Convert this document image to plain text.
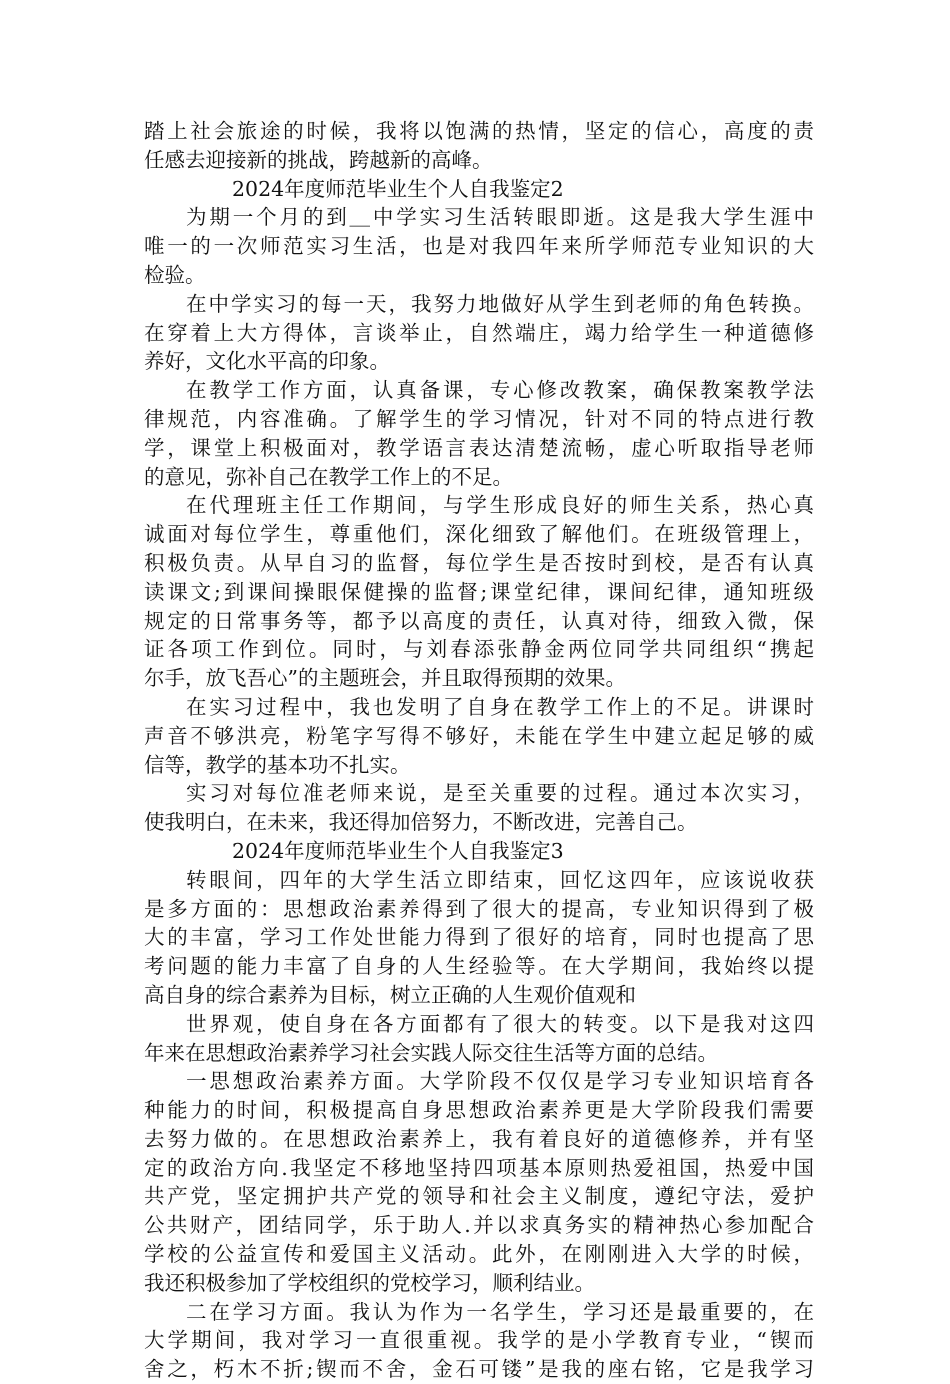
踏上社会旅途的时候，我将以饱满的热情，坚定的信心，高度的责
任感去迎接新的挑战，跨越新的高峰。
2024年度师范毕业生个人自我鉴定2
为期一个月的到＿中学实习生活转眼即逝。这是我大学生涯中
唯一的一次师范实习生活，也是对我四年来所学师范专业知识的大
检验。
在中学实习的每一天，我努力地做好从学生到老师的角色转换。
在穿着上大方得体，言谈举止，自然端庄，竭力给学生一种道德修
养好，文化水平高的印象。
在教学工作方面，认真备课，专心修改教案，确保教案教学法
律规范，内容准确。了解学生的学习情况，针对不同的特点进行教
学，课堂上积极面对，教学语言表达清楚流畅，虚心听取指导老师
的意见，弥补自己在教学工作上的不足。
在代理班主任工作期间，与学生形成良好的师生关系，热心真
诚面对每位学生，尊重他们，深化细致了解他们。在班级管理上，
积极负责。从早自习的监督，每位学生是否按时到校，是否有认真
读课文;到课间操眼保健操的监督;课堂纪律，课间纪律，通知班级
规定的日常事务等，都予以高度的责任，认真对待，细致入微，保
证各项工作到位。同时，与刘春添张静金两位同学共同组织“携起
尔手，放飞吾心”的主题班会，并且取得预期的效果。
在实习过程中，我也发明了自身在教学工作上的不足。讲课时
声音不够洪亮，粉笔字写得不够好，未能在学生中建立起足够的威
信等，教学的基本功不扎实。
实习对每位准老师来说，是至关重要的过程。通过本次实习，
使我明白，在未来，我还得加倍努力，不断改进，完善自己。
2024年度师范毕业生个人自我鉴定3
转眼间，四年的大学生活立即结束，回忆这四年，应该说收获
是多方面的：思想政治素养得到了很大的提高，专业知识得到了极
大的丰富，学习工作处世能力得到了很好的培育，同时也提高了思
考问题的能力丰富了自身的人生经验等。在大学期间，我始终以提
高自身的综合素养为目标，树立正确的人生观价值观和
世界观，使自身在各方面都有了很大的转变。以下是我对这四
年来在思想政治素养学习社会实践人际交往生活等方面的总结。
一思想政治素养方面。大学阶段不仅仅是学习专业知识培育各
种能力的时间，积极提高自身思想政治素养更是大学阶段我们需要
去努力做的。在思想政治素养上，我有着良好的道德修养，并有坚
定的政治方向.我坚定不移地坚持四项基本原则热爱祖国，热爱中国
共产党，坚定拥护共产党的领导和社会主义制度，遵纪守法，爱护
公共财产，团结同学，乐于助人.并以求真务实的精神热心参加配合
学校的公益宣传和爱国主义活动。此外，在刚刚进入大学的时候，
我还积极参加了学校组织的党校学习，顺利结业。
二在学习方面。我认为作为一名学生，学习还是最重要的，在
大学期间，我对学习一直很重视。我学的是小学教育专业，“锲而
舍之，朽木不折;锲而不舍，金石可镂”是我的座右铭，它是我学习
